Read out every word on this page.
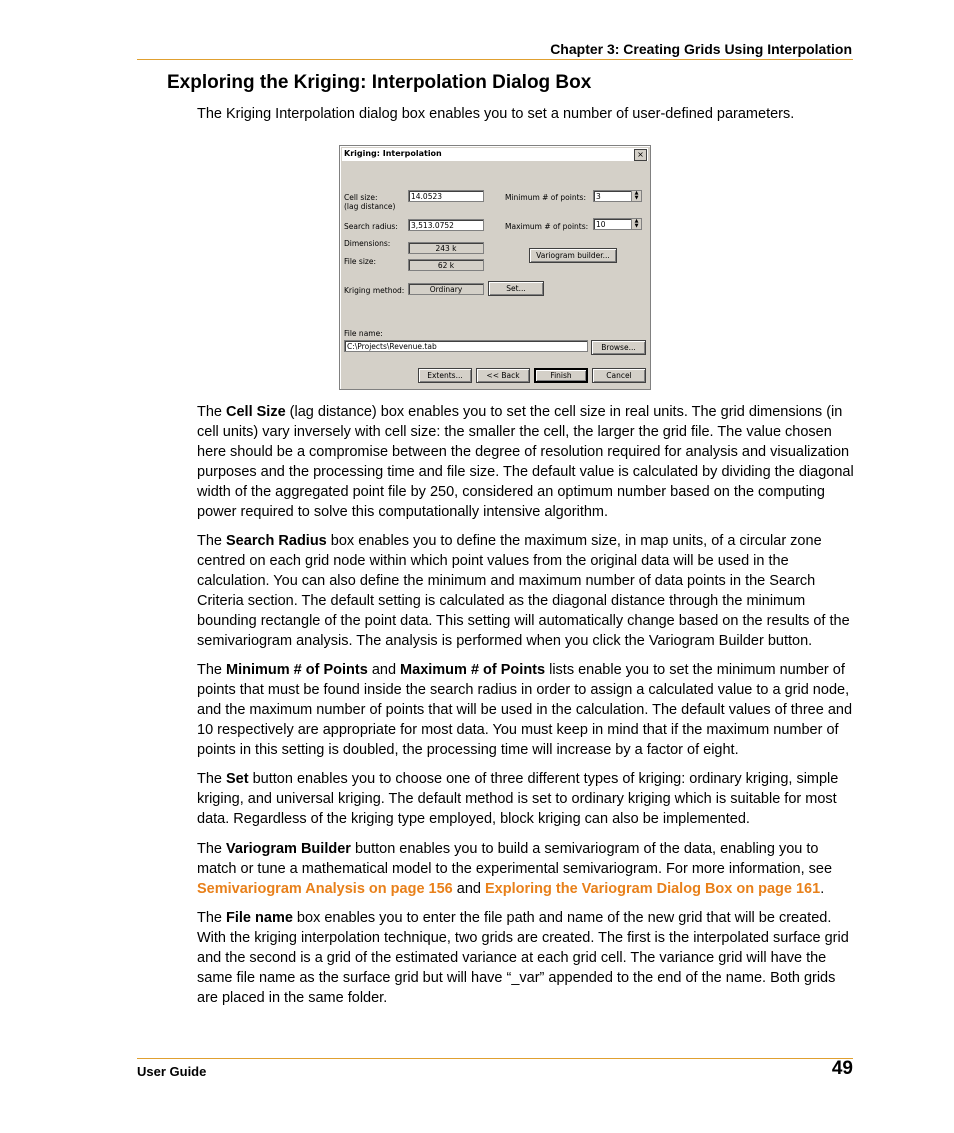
Chapter 3: Creating Grids Using Interpolation
Exploring the Kriging: Interpolation Dialog Box
The Kriging Interpolation dialog box enables you to set a number of user-defined parameters.
Kriging: Interpolation	×
Cell size:
(lag distance)
14.0523
Search radius:	3,513.0752
Dimensions:
243 k
File size:	62 k
Minimum # of points:	3	▲
▼
Maximum # of points:	10	▲
▼
Variogram builder...
Kriging method:	Ordinary	Set...
File name:
C:\Projects\Revenue.tab	Browse...
Extents...	<< Back	Finish	Cancel

The Cell Size (lag distance) box enables you to set the cell size in real units. The grid dimensions (in cell units) vary inversely with cell size: the smaller the cell, the larger the grid file. The value chosen here should be a compromise between the degree of resolution required for analysis and visualization purposes and the processing time and file size. The default value is calculated by dividing the diagonal width of the aggregated point file by 250, considered an optimum number based on the computing power required to solve this computationally intensive algorithm.

The Search Radius box enables you to define the maximum size, in map units, of a circular zone centred on each grid node within which point values from the original data will be used in the calculation. You can also define the minimum and maximum number of data points in the Search Criteria section. The default setting is calculated as the diagonal distance through the minimum bounding rectangle of the point data. This setting will automatically change based on the results of the semivariogram analysis. The analysis is performed when you click the Variogram Builder button.

The Minimum # of Points and Maximum # of Points lists enable you to set the minimum number of points that must be found inside the search radius in order to assign a calculated value to a grid node, and the maximum number of points that will be used in the calculation. The default values of three and 10 respectively are appropriate for most data. You must keep in mind that if the maximum number of points in this setting is doubled, the processing time will increase by a factor of eight.

The Set button enables you to choose one of three different types of kriging: ordinary kriging, simple kriging, and universal kriging. The default method is set to ordinary kriging which is suitable for most data. Regardless of the kriging type employed, block kriging can also be implemented.

The Variogram Builder button enables you to build a semivariogram of the data, enabling you to match or tune a mathematical model to the experimental semivariogram. For more information, see Semivariogram Analysis on page 156 and Exploring the Variogram Dialog Box on page 161.

The File name box enables you to enter the file path and name of the new grid that will be created. With the kriging interpolation technique, two grids are created. The first is the interpolated surface grid and the second is a grid of the estimated variance at each grid cell. The variance grid will have the same file name as the surface grid but will have “_var” appended to the end of the name. Both grids are placed in the same folder.

User Guide	49
